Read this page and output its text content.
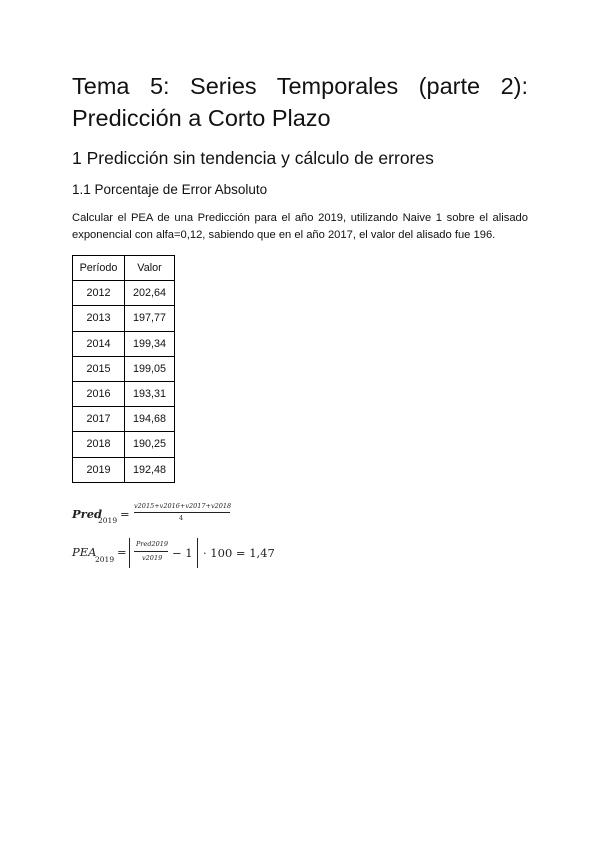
Tema 5: Series Temporales (parte 2): Predicción a Corto Plazo
1 Predicción sin tendencia y cálculo de errores
1.1 Porcentaje de Error Absoluto

Calcular el PEA de una Predicción para el año 2019, utilizando Naive 1 sobre el alisado exponencial con alfa=0,12, sabiendo que en el año 2017, el valor del alisado fue 196.

Período	Valor
2012	202,64
2013	197,77
2014	199,34
2015	199,05
2016	193,31
2017	194,68
2018	190,25
2019	192,48
Pred
2019 =
v2015+v2016+v2017+v2018
4
PEA
2019
=
Pred2019
v2019 − 1 · 100 = 1,47
